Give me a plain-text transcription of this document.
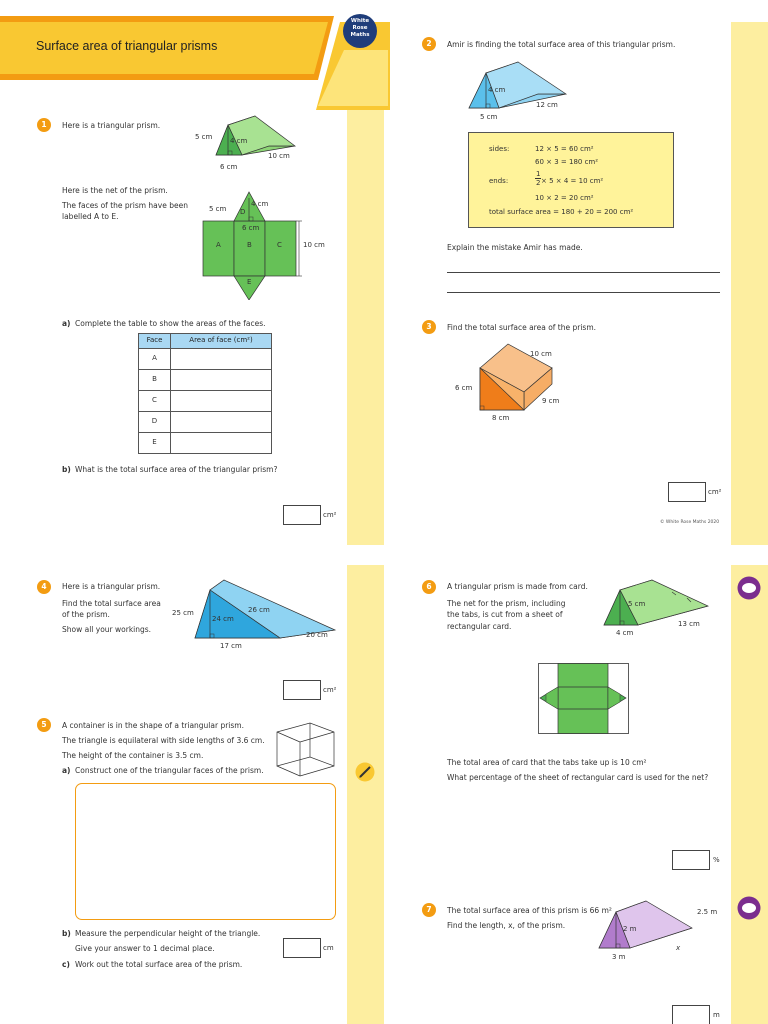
Surface area of triangular prisms
White
Rose
Maths
1	Here is a triangular prism.
5 cm	4 cm
10 cm
6 cm
Here is the net of the prism.
The faces of the prism have been
labelled A to E.
5 cm
6 cm
4 cm
10 cm
A	B	C
D
E
a) Complete the table to show the areas of the faces.
Face	Area of face (cm²)
A	
B	
C	
D	
E	
b) What is the total surface area of the triangular prism?
cm²
2	Amir is finding the total surface area of this triangular prism.
4 cm
12 cm
5 cm
sides:	12 × 5 = 60 cm²
60 × 3 = 180 cm²
ends:	$\frac{1}{2} \times 5 \times 4 = 10$ cm²
10 × 2 = 20 cm²
total surface area = 180 + 20 = 200 cm²
Explain the mistake Amir has made.
3	Find the total surface area of the prism.
10 cm
6 cm
9 cm
8 cm
cm²
© White Rose Maths 2020
4	Here is a triangular prism.
Find the total surface area
of the prism.
Show all your workings.
25 cm	26 cm
24 cm
20 cm
17 cm
cm²
5	A container is in the shape of a triangular prism.
The triangle is equilateral with side lengths of 3.6 cm.
The height of the container is 3.5 cm.
a) Construct one of the triangular faces of the prism.
b) Measure the perpendicular height of the triangle.
Give your answer to 1 decimal place.	cm
c) Work out the total surface area of the prism.
6	A triangular prism is made from card.
The net for the prism, including
the tabs, is cut from a sheet of
rectangular card.
5 cm
13 cm
4 cm
The total area of card that the tabs take up is 10 cm²
What percentage of the sheet of rectangular card is used for the net?
%
7	The total surface area of this prism is 66 m²
Find the length, x, of the prism.
2.5 m
2 m
3 m
x
m
